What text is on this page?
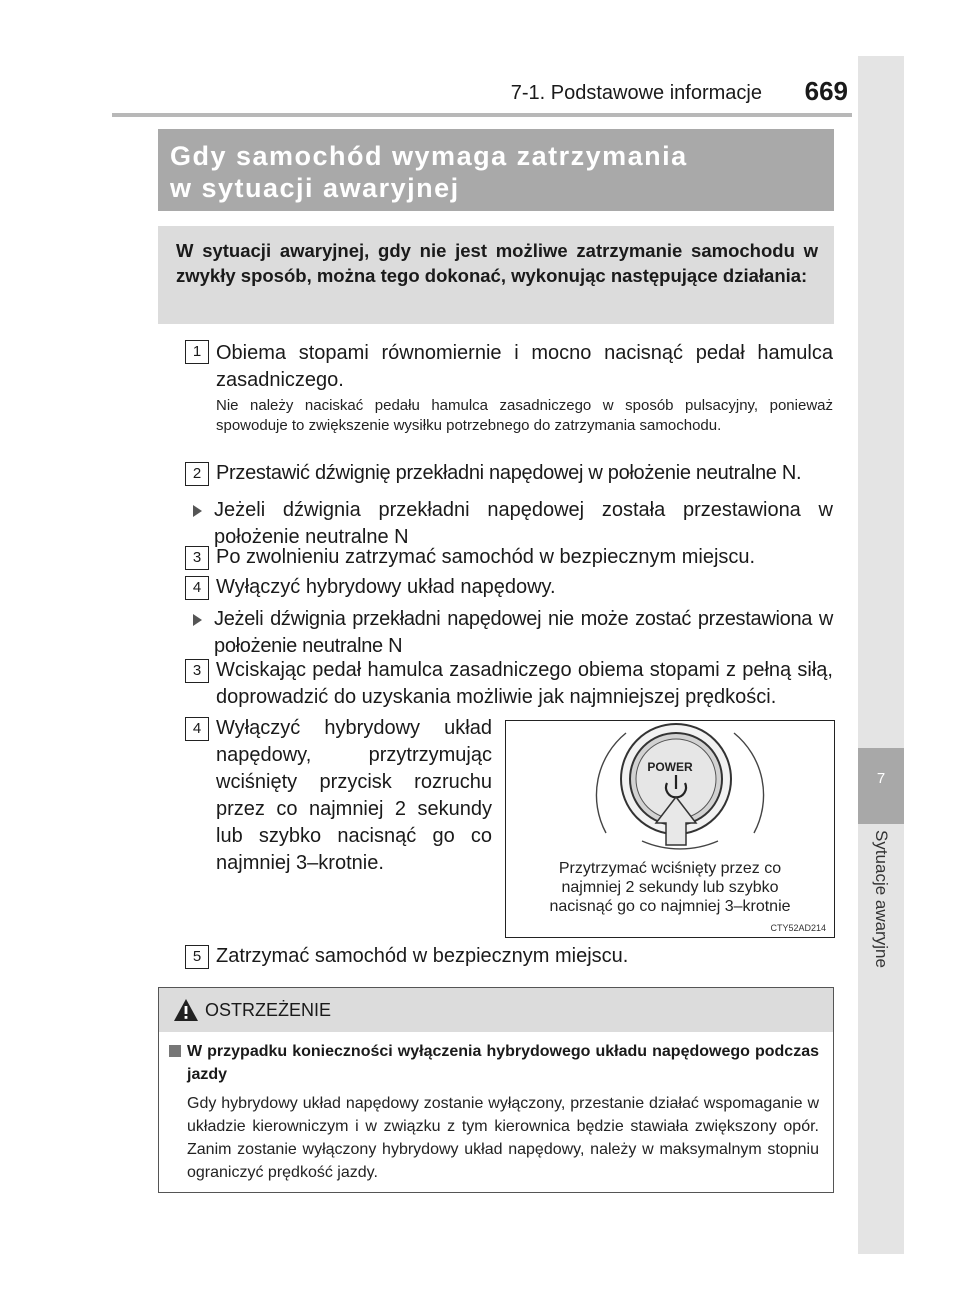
7-1. Podstawowe informacje	669
7
Sytuacje awaryjne
Gdy samochód wymaga zatrzymania
w sytuacji awaryjnej
W sytuacji awaryjnej, gdy nie jest możliwe zatrzymanie samochodu w zwykły sposób, można tego dokonać, wykonując następujące działania:
1 Obiema stopami równomiernie i mocno nacisnąć pedał hamulca zasadniczego.
Nie należy naciskać pedału hamulca zasadniczego w sposób pulsacyjny, ponieważ spowoduje to zwiększenie wysiłku potrzebnego do zatrzymania samochodu.
2 Przestawić dźwignię przekładni napędowej w położenie neutralne N.
Jeżeli dźwignia przekładni napędowej została przestawiona w położenie neutralne N
3 Po zwolnieniu zatrzymać samochód w bezpiecznym miejscu.
4 Wyłączyć hybrydowy układ napędowy.
Jeżeli dźwignia przekładni napędowej nie może zostać przestawiona w położenie neutralne N
3 Wciskając pedał hamulca zasadniczego obiema stopami z pełną siłą, doprowadzić do uzyskania możliwie jak najmniejszej prędkości.
4 Wyłączyć hybrydowy układ napędowy, przytrzymując wciśnięty przycisk rozruchu przez co najmniej 2 sekundy lub szybko nacisnąć go co najmniej 3–krotnie.
POWER
Przytrzymać wciśnięty przez co
najmniej 2 sekundy lub szybko
nacisnąć go co najmniej 3–krotnie
CTY52AD214
5 Zatrzymać samochód w bezpiecznym miejscu.
OSTRZEŻENIE
W przypadku konieczności wyłączenia hybrydowego układu napędowego podczas jazdy
Gdy hybrydowy układ napędowy zostanie wyłączony, przestanie działać wspomaganie w układzie kierowniczym i w związku z tym kierownica będzie stawiała zwiększony opór. Zanim zostanie wyłączony hybrydowy układ napędowy, należy w maksymalnym stopniu ograniczyć prędkość jazdy.
